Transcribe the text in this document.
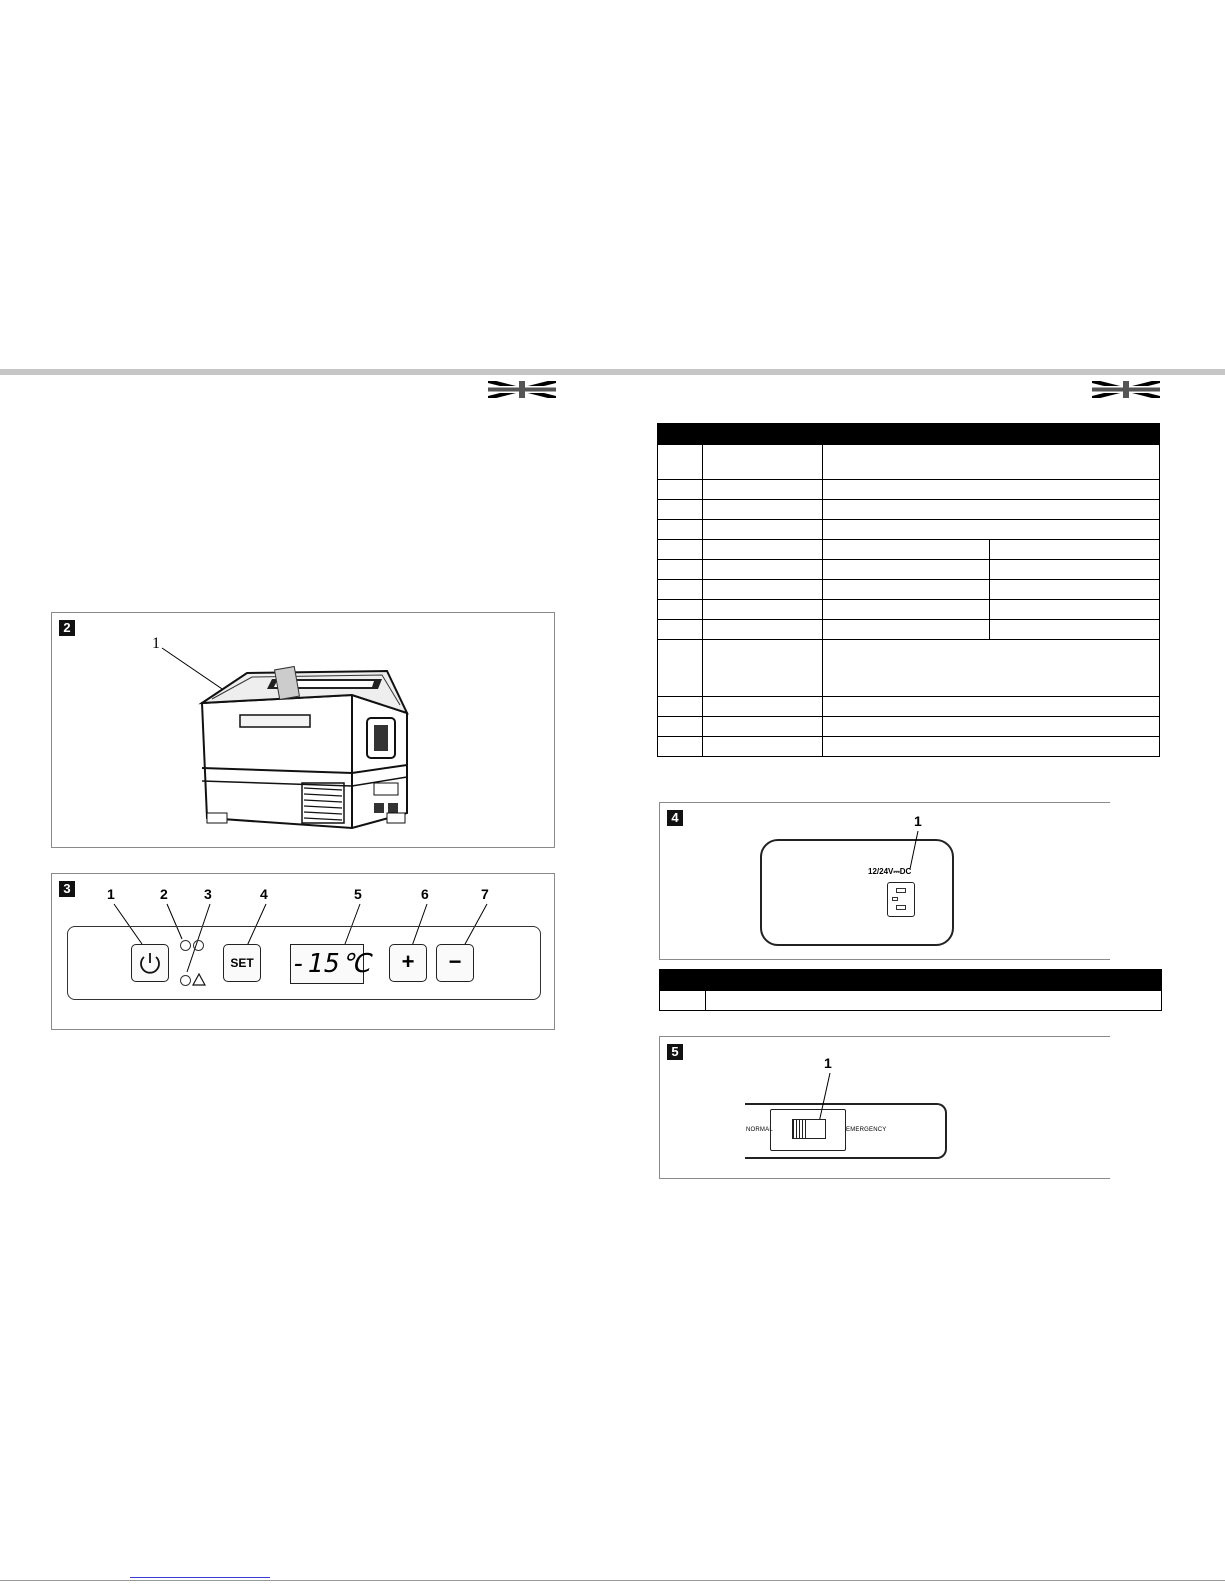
2
1
3	1	2	3	4	5	6	7
SET -15℃	+	−

4	1
12/24V⎓DC

5
1
NORMAL	EMERGENCY
